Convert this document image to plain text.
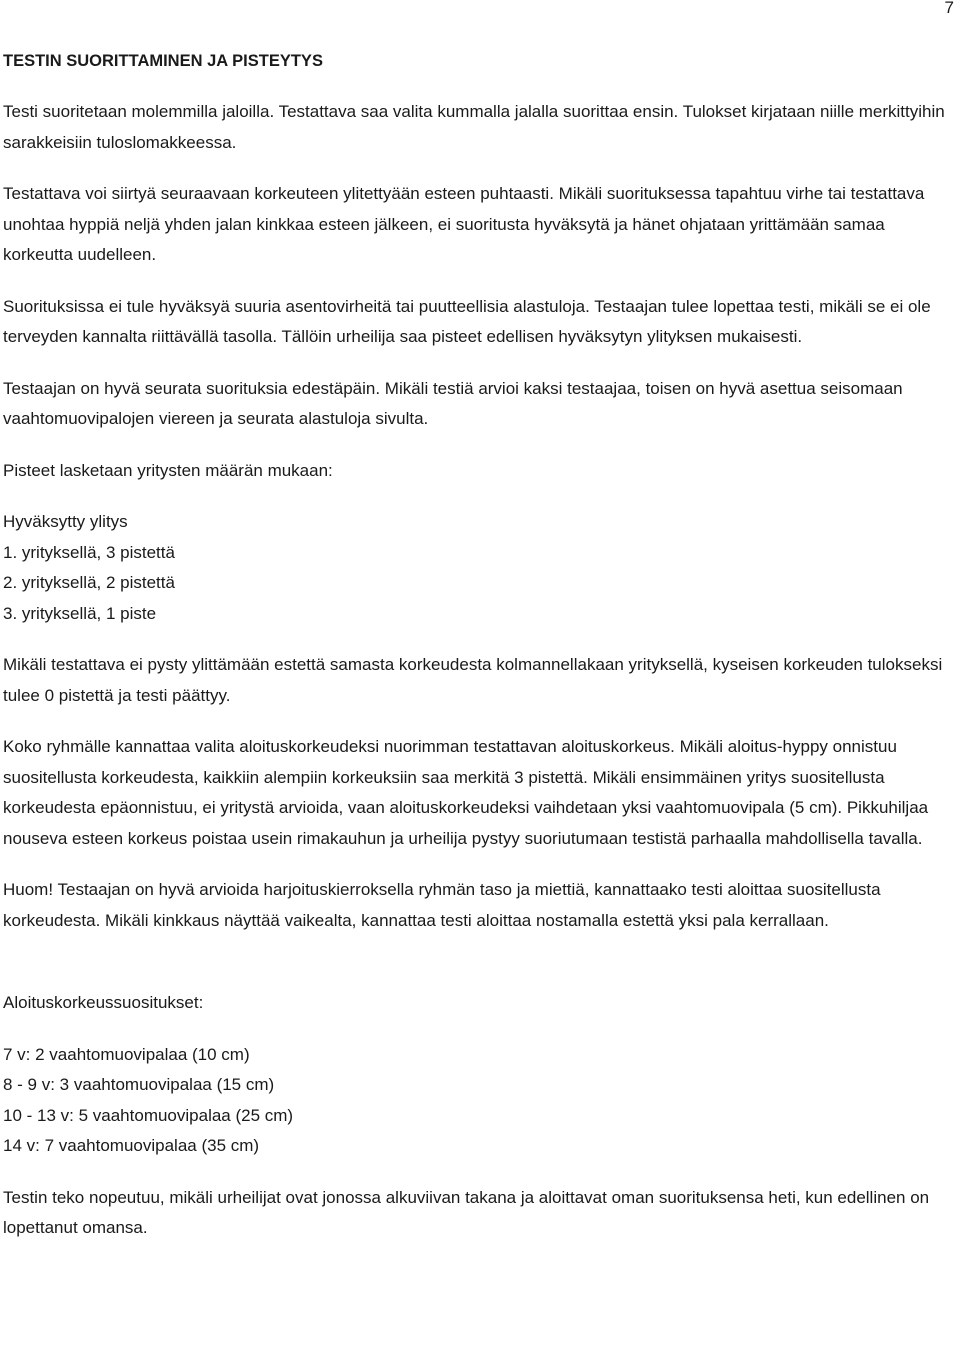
7
TESTIN SUORITTAMINEN JA PISTEYTYS

Testi suoritetaan molemmilla jaloilla. Testattava saa valita kummalla jalalla suorittaa ensin. Tulokset kirjataan niille merkittyihin sarakkeisiin tuloslomakkeessa.

Testattava voi siirtyä seuraavaan korkeuteen ylitettyään esteen puhtaasti. Mikäli suorituksessa tapahtuu virhe tai testattava unohtaa hyppiä neljä yhden jalan kinkkaa esteen jälkeen, ei suoritusta hyväksytä ja hänet ohjataan yrittämään samaa korkeutta uudelleen.

Suorituksissa ei tule hyväksyä suuria asentovirheitä tai puutteellisia alastuloja. Testaajan tulee lopettaa testi, mikäli se ei ole terveyden kannalta riittävällä tasolla. Tällöin urheilija saa pisteet edellisen hyväksytyn ylityksen mukaisesti.

Testaajan on hyvä seurata suorituksia edestäpäin. Mikäli testiä arvioi kaksi testaajaa, toisen on hyvä asettua seisomaan vaahtomuovipalojen viereen ja seurata alastuloja sivulta.

Pisteet lasketaan yritysten määrän mukaan:

Hyväksytty ylitys

1. yrityksellä, 3 pistettä

2. yrityksellä, 2 pistettä

3. yrityksellä, 1 piste

Mikäli testattava ei pysty ylittämään estettä samasta korkeudesta kolmannellakaan yrityksellä, kyseisen korkeuden tulokseksi tulee 0 pistettä ja testi päättyy.

Koko ryhmälle kannattaa valita aloituskorkeudeksi nuorimman testattavan aloituskorkeus. Mikäli aloitus-hyppy onnistuu suositellusta korkeudesta, kaikkiin alempiin korkeuksiin saa merkitä 3 pistettä. Mikäli ensimmäinen yritys suositellusta korkeudesta epäonnistuu, ei yritystä arvioida, vaan aloituskorkeudeksi vaihdetaan yksi vaahtomuovipala (5 cm). Pikkuhiljaa nouseva esteen korkeus poistaa usein rimakauhun ja urheilija pystyy suoriutumaan testistä parhaalla mahdollisella tavalla.

Huom! Testaajan on hyvä arvioida harjoituskierroksella ryhmän taso ja miettiä, kannattaako testi aloittaa suositellusta korkeudesta. Mikäli kinkkaus näyttää vaikealta, kannattaa testi aloittaa nostamalla estettä yksi pala kerrallaan.

Aloituskorkeussuositukset:

7 v: 2 vaahtomuovipalaa (10 cm)

8 - 9 v: 3 vaahtomuovipalaa (15 cm)

10 - 13 v: 5 vaahtomuovipalaa (25 cm)

14 v: 7 vaahtomuovipalaa (35 cm)

Testin teko nopeutuu, mikäli urheilijat ovat jonossa alkuviivan takana ja aloittavat oman suorituksensa heti, kun edellinen on lopettanut omansa.
